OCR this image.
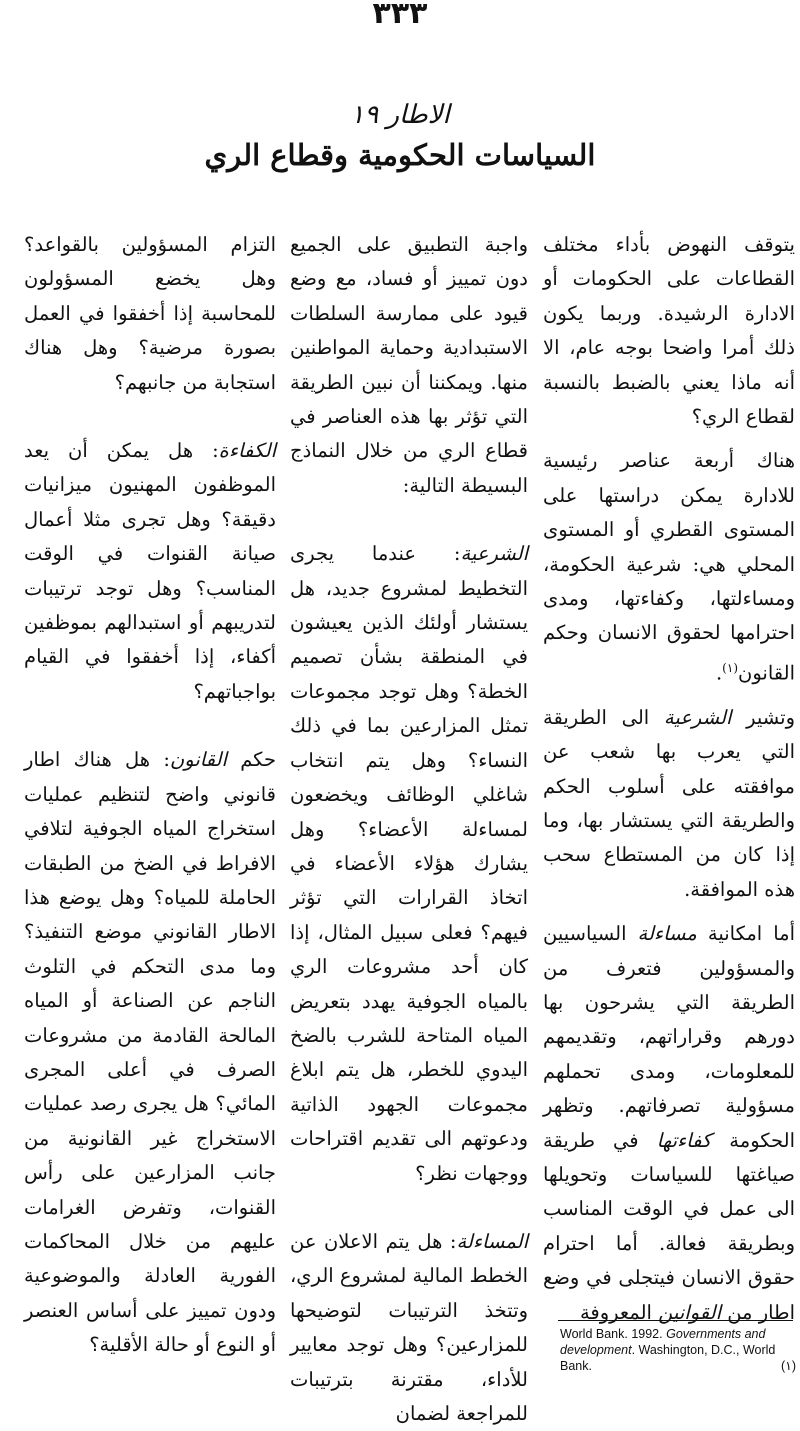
٣٣٣
الاطار ١٩
السياسات الحكومية وقطاع الري

يتوقف النهوض بأداء مختلف القطاعات على الحكومات أو الادارة الرشيدة. وربما يكون ذلك أمرا واضحا بوجه عام، الا أنه ماذا يعني بالضبط بالنسبة لقطاع الري؟

هناك أربعة عناصر رئيسية للادارة يمكن دراستها على المستوى القطري أو المستوى المحلي هي: شرعية الحكومة، ومساءلتها، وكفاءتها، ومدى احترامها لحقوق الانسان وحكم القانون$^{(١)}$.

وتشير الشرعية الى الطريقة التي يعرب بها شعب عن موافقته على أسلوب الحكم والطريقة التي يستشار بها، وما إذا كان من المستطاع سحب هذه الموافقة.

أما امكانية مساءلة السياسيين والمسؤولين فتعرف من الطريقة التي يشرحون بها دورهم وقراراتهم، وتقديمهم للمعلومات، ومدى تحملهم مسؤولية تصرفاتهم. وتظهر الحكومة كفاءتها في طريقة صياغتها للسياسات وتحويلها الى عمل في الوقت المناسب وبطريقة فعالة. أما احترام حقوق الانسان فيتجلى في وضع اطار من القوانين المعروفة

واجبة التطبيق على الجميع دون تمييز أو فساد، مع وضع قيود على ممارسة السلطات الاستبدادية وحماية المواطنين منها. ويمكننا أن نبين الطريقة التي تؤثر بها هذه العناصر في قطاع الري من خلال النماذج البسيطة التالية:

الشرعية: عندما يجرى التخطيط لمشروع جديد، هل يستشار أولئك الذين يعيشون في المنطقة بشأن تصميم الخطة؟ وهل توجد مجموعات تمثل المزارعين بما في ذلك النساء؟ وهل يتم انتخاب شاغلي الوظائف ويخضعون لمساءلة الأعضاء؟ وهل يشارك هؤلاء الأعضاء في اتخاذ القرارات التي تؤثر فيهم؟ فعلى سبيل المثال، إذا كان أحد مشروعات الري بالمياه الجوفية يهدد بتعريض المياه المتاحة للشرب بالضخ اليدوي للخطر، هل يتم ابلاغ مجموعات الجهود الذاتية ودعوتهم الى تقديم اقتراحات ووجهات نظر؟

المساءلة: هل يتم الاعلان عن الخطط المالية لمشروع الري، وتتخذ الترتيبات لتوضيحها للمزارعين؟ وهل توجد معايير للأداء، مقترنة بترتيبات للمراجعة لضمان

التزام المسؤولين بالقواعد؟ وهل يخضع المسؤولون للمحاسبة إذا أخفقوا في العمل بصورة مرضية؟ وهل هناك استجابة من جانبهم؟

الكفاءة: هل يمكن أن يعد الموظفون المهنيون ميزانيات دقيقة؟ وهل تجرى مثلا أعمال صيانة القنوات في الوقت المناسب؟ وهل توجد ترتيبات لتدريبهم أو استبدالهم بموظفين أكفاء، إذا أخفقوا في القيام بواجباتهم؟

حكم القانون: هل هناك اطار قانوني واضح لتنظيم عمليات استخراج المياه الجوفية لتلافي الافراط في الضخ من الطبقات الحاملة للمياه؟ وهل يوضع هذا الاطار القانوني موضع التنفيذ؟ وما مدى التحكم في التلوث الناجم عن الصناعة أو المياه المالحة القادمة من مشروعات الصرف في أعلى المجرى المائي؟ هل يجرى رصد عمليات الاستخراج غير القانونية من جانب المزارعين على رأس القنوات، وتفرض الغرامات عليهم من خلال المحاكمات الفورية العادلة والموضوعية ودون تمييز على أساس العنصر أو النوع أو حالة الأقلية؟	World Bank. 1992. Governments and development. Washington, D.C., World Bank.	(١)
